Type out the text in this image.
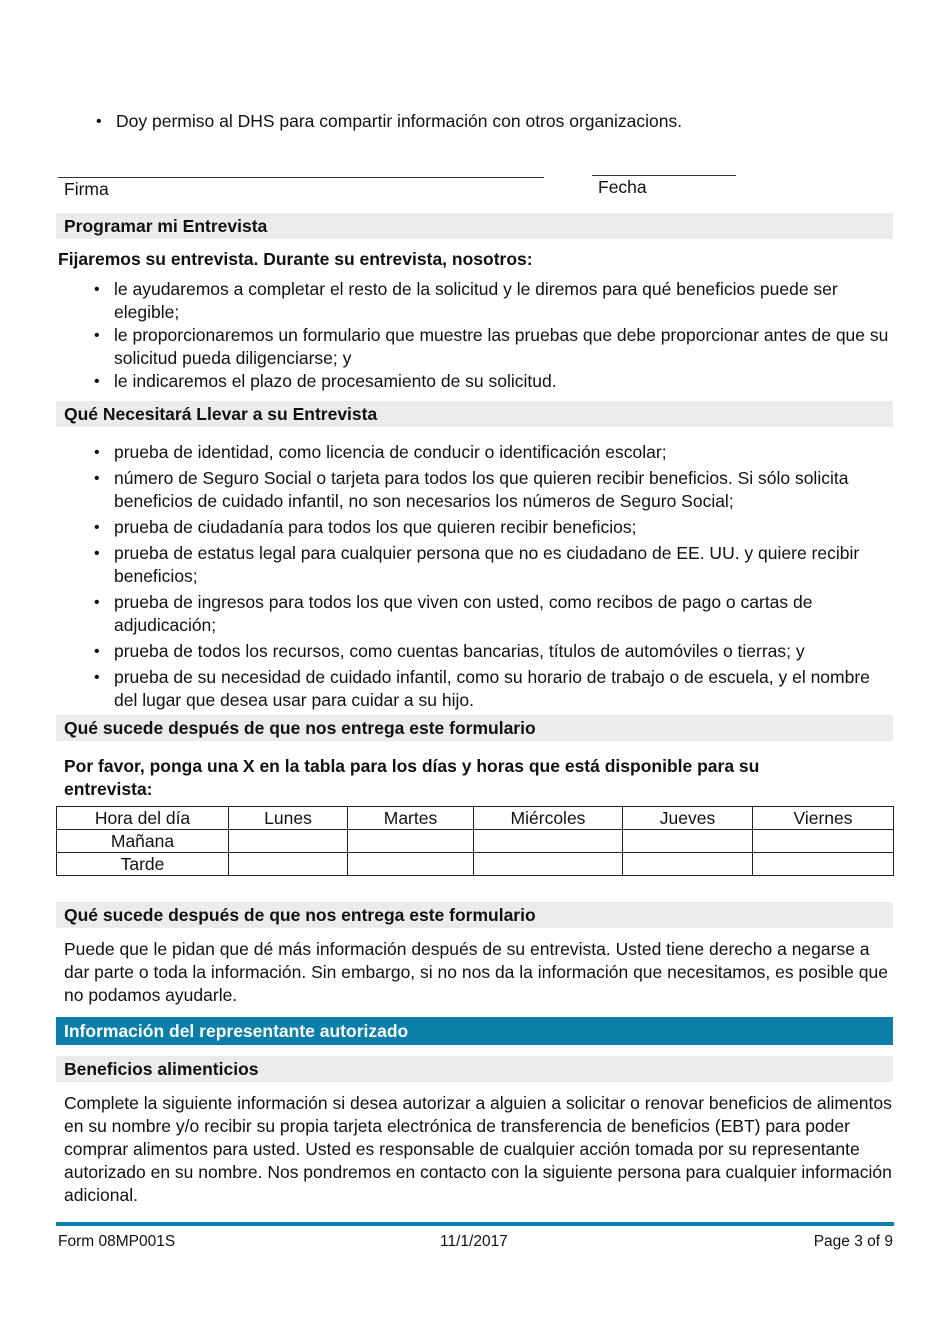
• Doy permiso al DHS para compartir información con otros organizacions.
Firma	Fecha
Programar mi Entrevista
Fijaremos su entrevista. Durante su entrevista, nosotros:
• le ayudaremos a completar el resto de la solicitud y le diremos para qué beneficios puede ser elegible;
• le proporcionaremos un formulario que muestre las pruebas que debe proporcionar antes de que su solicitud pueda diligenciarse; y
• le indicaremos el plazo de procesamiento de su solicitud.
Qué Necesitará Llevar a su Entrevista
• prueba de identidad, como licencia de conducir o identificación escolar;
• número de Seguro Social o tarjeta para todos los que quieren recibir beneficios. Si sólo solicita beneficios de cuidado infantil, no son necesarios los números de Seguro Social;
• prueba de ciudadanía para todos los que quieren recibir beneficios;
• prueba de estatus legal para cualquier persona que no es ciudadano de EE. UU. y quiere recibir beneficios;
• prueba de ingresos para todos los que viven con usted, como recibos de pago o cartas de adjudicación;
• prueba de todos los recursos, como cuentas bancarias, títulos de automóviles o tierras; y
• prueba de su necesidad de cuidado infantil, como su horario de trabajo o de escuela, y el nombre del lugar que desea usar para cuidar a su hijo.
Qué sucede después de que nos entrega este formulario
Por favor, ponga una X en la tabla para los días y horas que está disponible para su entrevista:
Hora del día	Lunes	Martes	Miércoles	Jueves	Viernes
Mañana					
Tarde					
Qué sucede después de que nos entrega este formulario
Puede que le pidan que dé más información después de su entrevista. Usted tiene derecho a negarse a dar parte o toda la información. Sin embargo, si no nos da la información que necesitamos, es posible que no podamos ayudarle.
Información del representante autorizado
Beneficios alimenticios
Complete la siguiente información si desea autorizar a alguien a solicitar o renovar beneficios de alimentos en su nombre y/o recibir su propia tarjeta electrónica de transferencia de beneficios (EBT) para poder comprar alimentos para usted. Usted es responsable de cualquier acción tomada por su representante autorizado en su nombre. Nos pondremos en contacto con la siguiente persona para cualquier información adicional.
Form 08MP001S	11/1/2017	Page 3 of 9
